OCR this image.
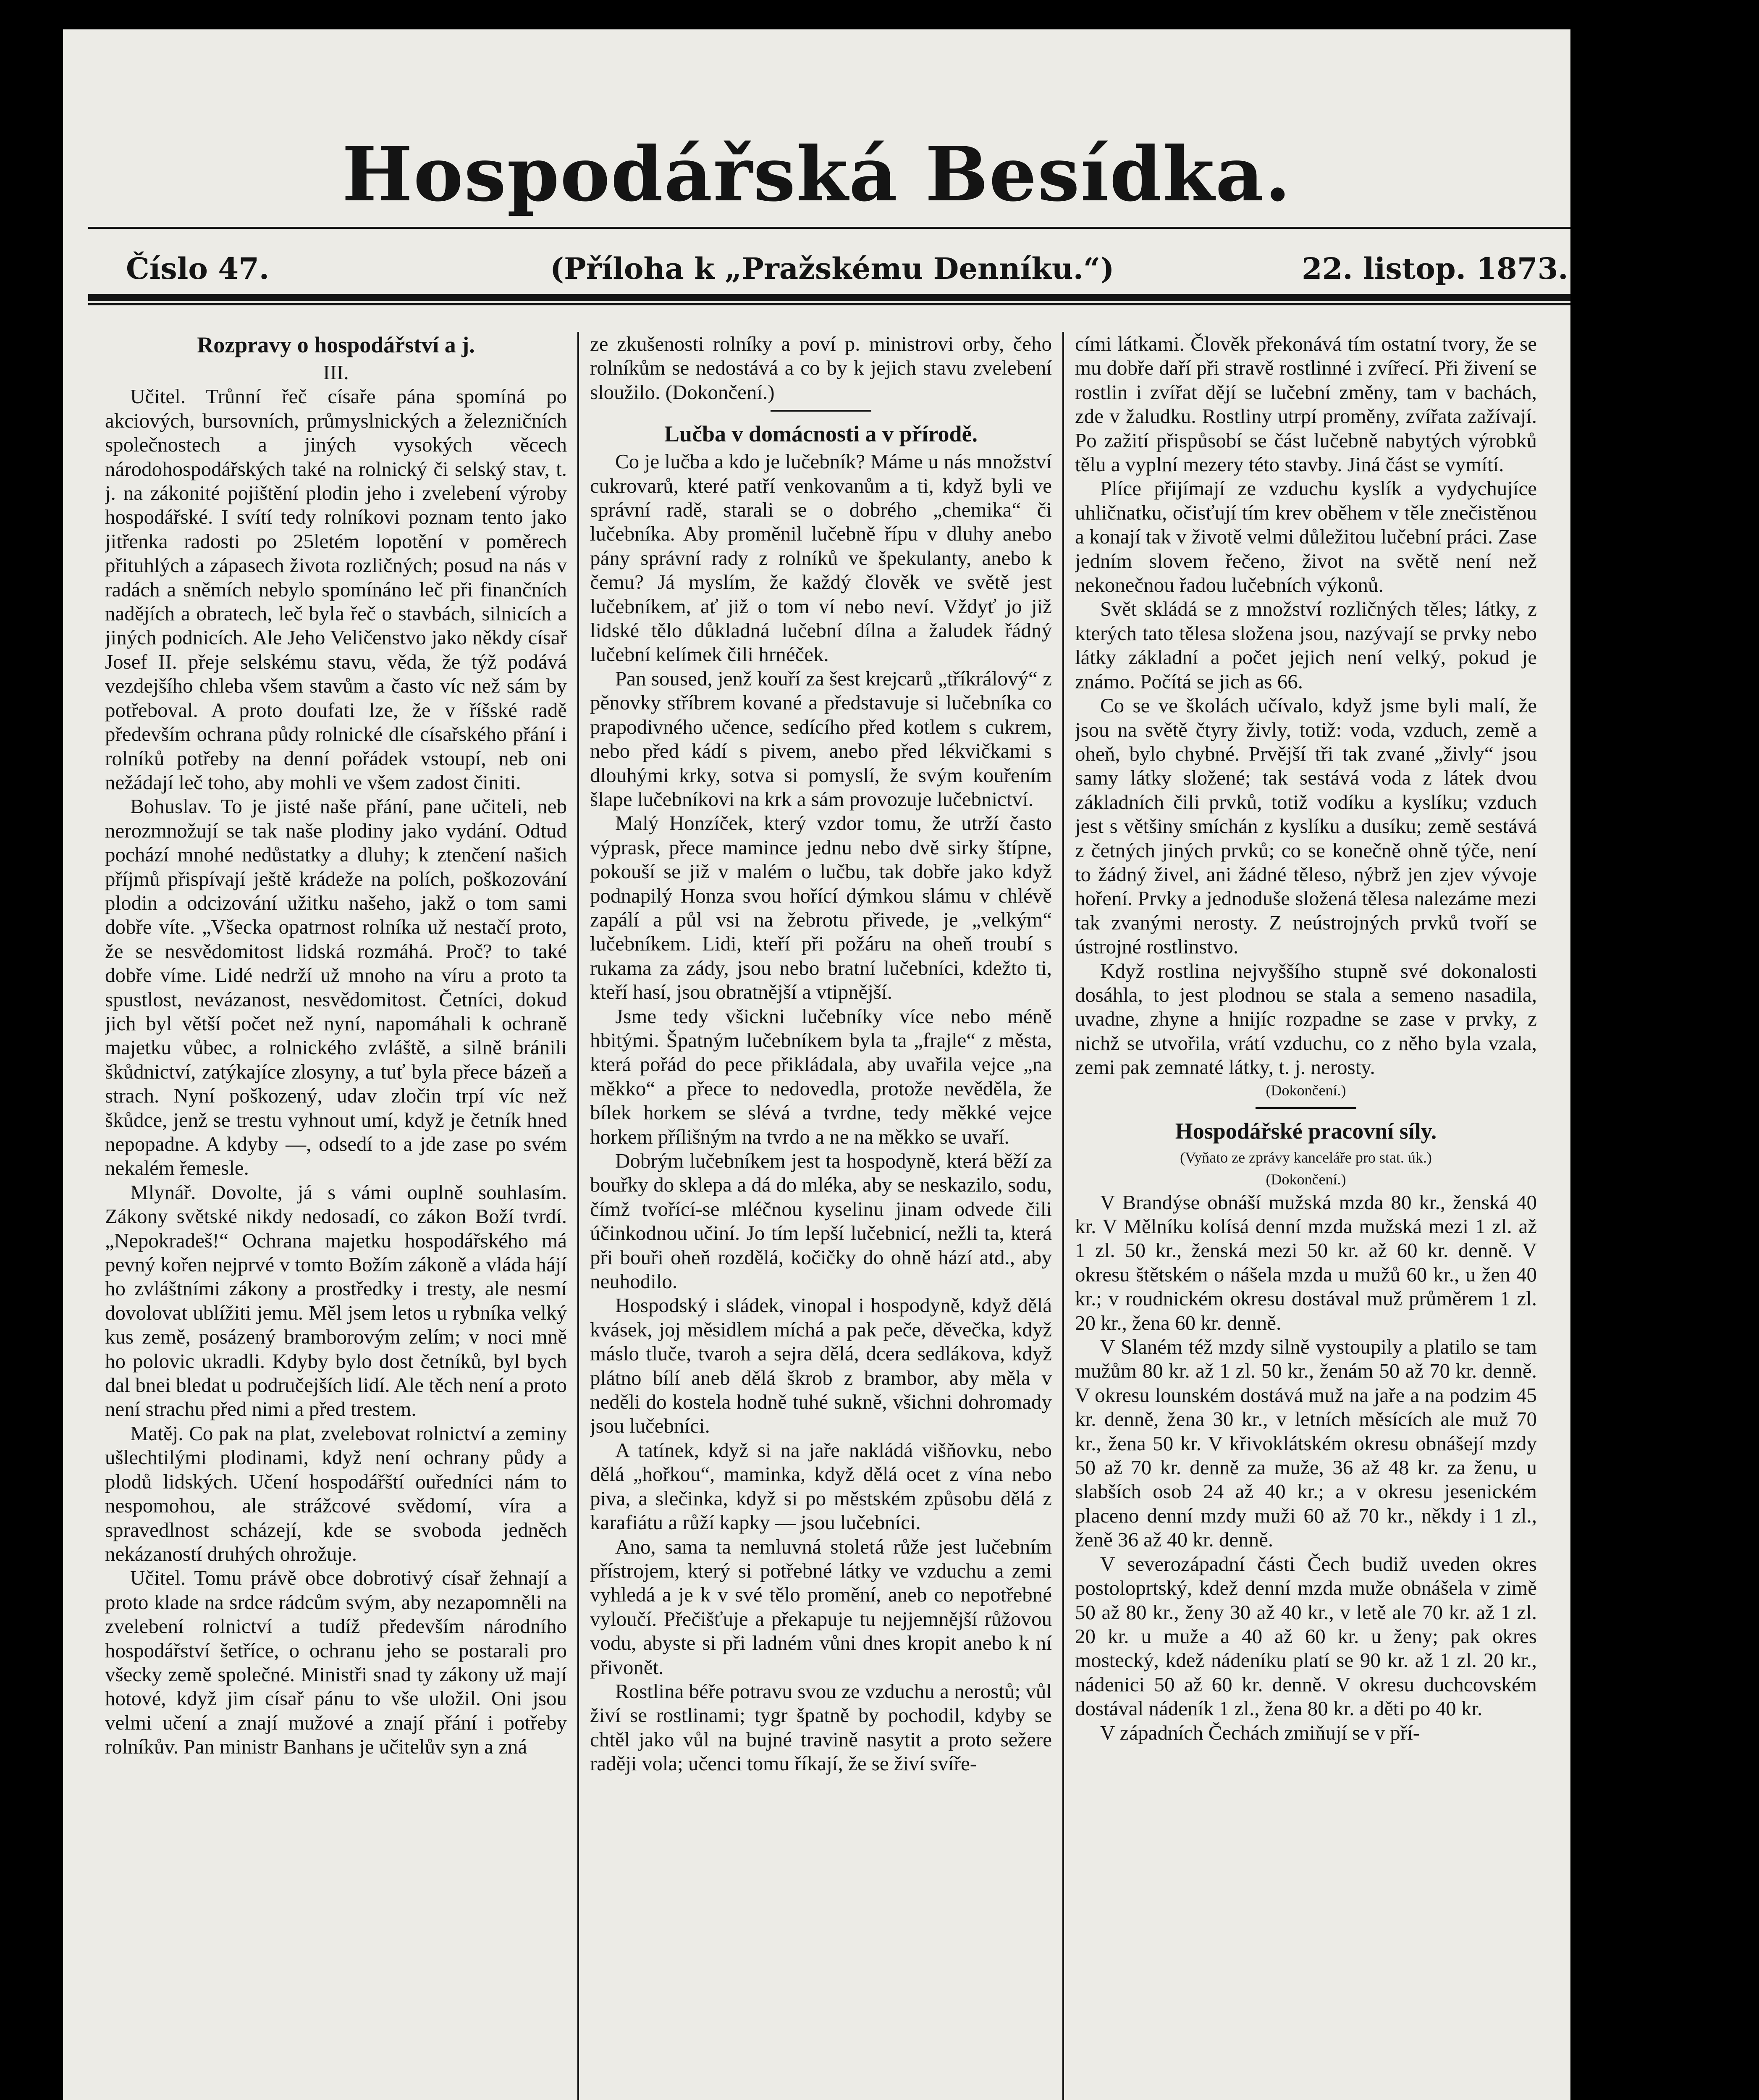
Hospodářská Besídka.
Číslo 47.	(Příloha k „Pražskému Denníku.“)	22. listop. 1873.
Rozpravy o hospodářství a j.

III.

Učitel. Trůnní řeč císaře pána spomíná po akciových, bursovních, průmyslnických a železničních společnostech a jiných vysokých věcech národohospodářských také na rolnický či selský stav, t. j. na zákonité pojištění plodin jeho i zvelebení výroby hospodářské. I svítí tedy rolníkovi poznam tento jako jitřenka radosti po 25letém lopotění v poměrech přituhlých a zápasech života rozličných; posud na nás v radách a sněmích nebylo spomínáno leč při finančních nadějích a obratech, leč byla řeč o stavbách, silnicích a jiných podnicích. Ale Jeho Veličenstvo jako někdy císař Josef II. přeje selskému stavu, věda, že týž podává vezdejšího chleba všem stavům a často víc než sám by potřeboval. A proto doufati lze, že v říšské radě především ochrana půdy rolnické dle císařského přání i rolníků potřeby na denní pořádek vstoupí, neb oni nežádají leč toho, aby mohli ve všem zadost činiti.

Bohuslav. To je jisté naše přání, pane učiteli, neb nerozmnožují se tak naše plodiny jako vydání. Odtud pochází mnohé nedůstatky a dluhy; k ztenčení našich příjmů přispívají ještě krádeže na polích, poškozování plodin a odcizování užitku našeho, jakž o tom sami dobře víte. „Všecka opatrnost rolníka už nestačí proto, že se nesvědomitost lidská rozmáhá. Proč? to také dobře víme. Lidé nedrží už mnoho na víru a proto ta spustlost, nevázanost, nesvědomitost. Četníci, dokud jich byl větší počet než nyní, napomáhali k ochraně majetku vůbec, a rolnického zvláště, a silně bránili škůdnictví, zatýkajíce zlosyny, a tuť byla přece bázeň a strach. Nyní poškozený, udav zločin trpí víc než škůdce, jenž se trestu vyhnout umí, když je četník hned nepopadne. A kdyby —, odsedí to a jde zase po svém nekalém řemesle.

Mlynář. Dovolte, já s vámi ouplně souhlasím. Zákony světské nikdy nedosadí, co zákon Boží tvrdí. „Nepokradeš!“ Ochrana majetku hospodářského má pevný kořen nejprvé v tomto Božím zákoně a vláda hájí ho zvláštními zákony a prostředky i tresty, ale nesmí dovolovat ublížiti jemu. Měl jsem letos u rybníka velký kus země, posázený bramborovým zelím; v noci mně ho polovic ukradli. Kdyby bylo dost četníků, byl bych dal bnei bledat u područejších lidí. Ale těch není a proto není strachu před nimi a před trestem.

Matěj. Co pak na plat, zvelebovat rolnictví a zeminy ušlechtilými plodinami, když není ochrany půdy a plodů lidských. Učení hospodářští ouředníci nám to nespomohou, ale strážcové svědomí, víra a spravedlnost scházejí, kde se svoboda jedněch nekázaností druhých ohrožuje.

Učitel. Tomu právě obce dobrotivý císař žehnají a proto klade na srdce rádcům svým, aby nezapomněli na zvelebení rolnictví a tudíž především národního hospodářství šetříce, o ochranu jeho se postarali pro všecky země společné. Ministři snad ty zákony už mají hotové, když jim císař pánu to vše uložil. Oni jsou velmi učení a znají mužové a znají přání i potřeby rolníkův. Pan ministr Banhans je učitelův syn a zná

ze zkušenosti rolníky a poví p. ministrovi orby, čeho rolníkům se nedostává a co by k jejich stavu zvelebení sloužilo. (Dokončení.)

Lučba v domácnosti a v přírodě.

Co je lučba a kdo je lučebník? Máme u nás množství cukrovarů, které patří venkovanům a ti, když byli ve správní radě, starali se o dobrého „chemika“ či lučebníka. Aby proměnil lučebně řípu v dluhy anebo pány správní rady z rolníků ve špekulanty, anebo k čemu? Já myslím, že každý člověk ve světě jest lučebníkem, ať již o tom ví nebo neví. Vždyť jo již lidské tělo důkladná lučební dílna a žaludek řádný lučební kelímek čili hrnéček.

Pan soused, jenž kouří za šest krejcarů „tříkrálový“ z pěnovky stříbrem kované a představuje si lučebníka co prapodivného učence, sedícího před kotlem s cukrem, nebo před kádí s pivem, anebo před lékvičkami s dlouhými krky, sotva si pomyslí, že svým kouřením šlape lučebníkovi na krk a sám provozuje lučebnictví.

Malý Honzíček, který vzdor tomu, že utrží často výprask, přece mamince jednu nebo dvě sirky štípne, pokouší se již v malém o lučbu, tak dobře jako když podnapilý Honza svou hořící dýmkou slámu v chlévě zapálí a půl vsi na žebrotu přivede, je „velkým“ lučebníkem. Lidi, kteří při požáru na oheň troubí s rukama za zády, jsou nebo bratní lučebníci, kdežto ti, kteří hasí, jsou obratnější a vtipnější.

Jsme tedy všickni lučebníky více nebo méně hbitými. Špatným lučebníkem byla ta „frajle“ z města, která pořád do pece přikládala, aby uvařila vejce „na měkko“ a přece to nedovedla, protože nevěděla, že bílek horkem se slévá a tvrdne, tedy měkké vejce horkem přílišným na tvrdo a ne na měkko se uvaří.

Dobrým lučebníkem jest ta hospodyně, která běží za bouřky do sklepa a dá do mléka, aby se neskazilo, sodu, čímž tvořící-se mléčnou kyselinu jinam odvede čili účinkodnou učiní. Jo tím lepší lučebnicí, nežli ta, která při bouři oheň rozdělá, kočičky do ohně hází atd., aby neuhodilo.

Hospodský i sládek, vinopal i hospodyně, když dělá kvásek, joj měsidlem míchá a pak peče, děvečka, když máslo tluče, tvaroh a sejra dělá, dcera sedlákova, když plátno bílí aneb dělá škrob z brambor, aby měla v neděli do kostela hodně tuhé sukně, všichni dohromady jsou lučebníci.

A tatínek, když si na jaře nakládá višňovku, nebo dělá „hořkou“, maminka, když dělá ocet z vína nebo piva, a slečinka, když si po městském způsobu dělá z karafiátu a růží kapky — jsou lučebníci.

Ano, sama ta nemluvná stoletá růže jest lučebním přístrojem, který si potřebné látky ve vzduchu a zemi vyhledá a je k v své tělo promění, aneb co nepotřebné vyloučí. Přečišťuje a překapuje tu nejjemnější růžovou vodu, abyste si při ladném vůni dnes kropit anebo k ní přivonět.

Rostlina béře potravu svou ze vzduchu a nerostů; vůl živí se rostlinami; tygr špatně by pochodil, kdyby se chtěl jako vůl na bujné travině nasytit a proto sežere raději vola; učenci tomu říkají, že se živí svíře-

cími látkami. Člověk překonává tím ostatní tvory, že se mu dobře daří při stravě rostlinné i zvířecí. Při živení se rostlin i zvířat dějí se lučební změny, tam v bachách, zde v žaludku. Rostliny utrpí proměny, zvířata zažívají. Po zažití přispůsobí se část lučebně nabytých výrobků tělu a vyplní mezery této stavby. Jiná část se vymítí.

Plíce přijímají ze vzduchu kyslík a vydychujíce uhličnatku, očisťují tím krev oběhem v těle znečistěnou a konají tak v životě velmi důležitou lučební práci. Zase jedním slovem řečeno, život na světě není než nekonečnou řadou lučebních výkonů.

Svět skládá se z množství rozličných těles; látky, z kterých tato tělesa složena jsou, nazývají se prvky nebo látky základní a počet jejich není velký, pokud je známo. Počítá se jich as 66.

Co se ve školách učívalo, když jsme byli malí, že jsou na světě čtyry živly, totiž: voda, vzduch, země a oheň, bylo chybné. Prvější tři tak zvané „živly“ jsou samy látky složené; tak sestává voda z látek dvou základních čili prvků, totiž vodíku a kyslíku; vzduch jest s většiny smíchán z kyslíku a dusíku; země sestává z četných jiných prvků; co se konečně ohně týče, není to žádný živel, ani žádné těleso, nýbrž jen zjev vývoje hoření. Prvky a jednoduše složená tělesa nalezáme mezi tak zvanými nerosty. Z neústrojných prvků tvoří se ústrojné rostlinstvo.

Když rostlina nejvyššího stupně své dokonalosti dosáhla, to jest plodnou se stala a semeno nasadila, uvadne, zhyne a hnijíc rozpadne se zase v prvky, z nichž se utvořila, vrátí vzduchu, co z něho byla vzala, zemi pak zemnaté látky, t. j. nerosty.

(Dokončení.)

Hospodářské pracovní síly.

(Vyňato ze zprávy kanceláře pro stat. úk.)

(Dokončení.)

V Brandýse obnáší mužská mzda 80 kr., ženská 40 kr. V Mělníku kolísá denní mzda mužská mezi 1 zl. až 1 zl. 50 kr., ženská mezi 50 kr. až 60 kr. denně. V okresu štětském o nášela mzda u mužů 60 kr., u žen 40 kr.; v roudnickém okresu dostával muž průměrem 1 zl. 20 kr., žena 60 kr. denně.

V Slaném též mzdy silně vystoupily a platilo se tam mužům 80 kr. až 1 zl. 50 kr., ženám 50 až 70 kr. denně. V okresu lounském dostává muž na jaře a na podzim 45 kr. denně, žena 30 kr., v letních měsících ale muž 70 kr., žena 50 kr. V křivoklátském okresu obnášejí mzdy 50 až 70 kr. denně za muže, 36 až 48 kr. za ženu, u slabších osob 24 až 40 kr.; a v okresu jesenickém placeno denní mzdy muži 60 až 70 kr., někdy i 1 zl., ženě 36 až 40 kr. denně.

V severozápadní části Čech budiž uveden okres postoloprtský, kdež denní mzda muže obnášela v zimě 50 až 80 kr., ženy 30 až 40 kr., v letě ale 70 kr. až 1 zl. 20 kr. u muže a 40 až 60 kr. u ženy; pak okres mostecký, kdež nádeníku platí se 90 kr. až 1 zl. 20 kr., nádenici 50 až 60 kr. denně. V okresu duchcovském dostával nádeník 1 zl., žena 80 kr. a děti po 40 kr.

V západních Čechách zmiňují se v pří-
